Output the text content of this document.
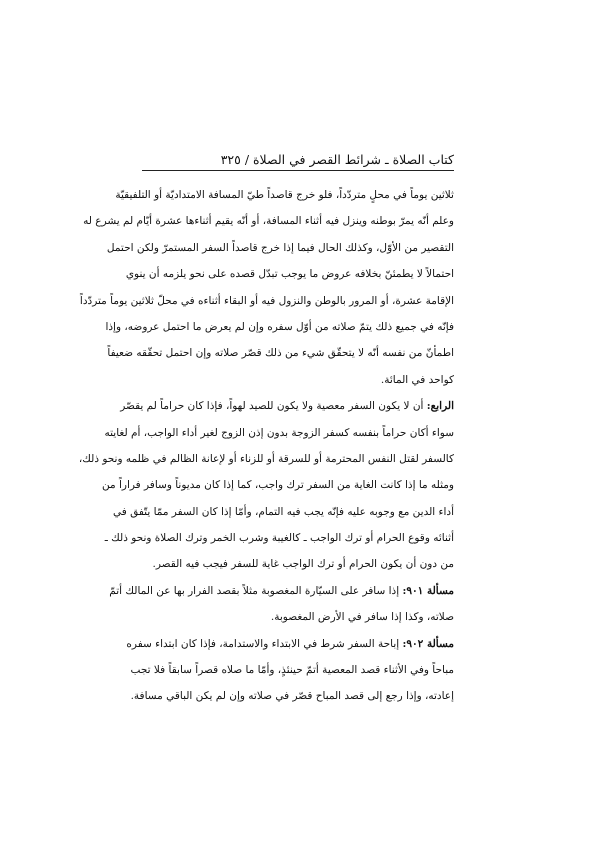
كتاب الصلاة ـ شرائط القصر في الصلاة / ٣٢٥
ثلاثين يوماً في محلٍ متردّداً، فلو خرج قاصداً طيّ المسافة الامتداديّة أو التلفيقيّة
وعلم أنّه يمرّ بوطنه وينزل فيه أثناء المسافة، أو أنّه يقيم أثناءها عشرة أيّام لم يشرع له
التقصير من الأوّل، وكذلك الحال فيما إذا خرج قاصداً السفر المستمرّ ولكن احتمل
احتمالاً لا يطمئنّ بخلافه عروض ما يوجب تبدّل قصده على نحو يلزمه أن ينوي
الإقامة عشرة، أو المرور بالوطن والنزول فيه أو البقاء أثناءه في محلّ ثلاثين يوماً متردّداً
فإنّه في جميع ذلك يتمّ صلاته من أوّل سفره وإن لم يعرض ما احتمل عروضه، وإذا
اطمأنّ من نفسه أنّه لا يتحقّق شيء من ذلك قصّر صلاته وإن احتمل تحقّقه ضعيفاً
كواحد في المائة.
الرابع: أن لا يكون السفر معصية ولا يكون للصيد لهواً، فإذا كان حراماً لم يقصّر
سواء أكان حراماً بنفسه كسفر الزوجة بدون إذن الزوج لغير أداء الواجب، أم لغايته
كالسفر لقتل النفس المحترمة أو للسرقة أو للزناء أو لإعانة الظالم في ظلمه ونحو ذلك،
ومثله ما إذا كانت الغاية من السفر ترك واجب، كما إذا كان مديوناً وسافر فراراً من
أداء الدين مع وجوبه عليه فإنّه يجب فيه التمام، وأمّا إذا كان السفر ممّا يتّفق في
أثنائه وقوع الحرام أو ترك الواجب ـ كالغيبة وشرب الخمر وترك الصلاة ونحو ذلك ـ
من دون أن يكون الحرام أو ترك الواجب غاية للسفر فيجب فيه القصر.
مسألة ٩٠١: إذا سافر على السيّارة المغصوبة مثلاً بقصد الفرار بها عن المالك أتمّ
صلاته، وكذا إذا سافر في الأرض المغصوبة.
مسألة ٩٠٢: إباحة السفر شرط في الابتداء والاستدامة، فإذا كان ابتداء سفره
مباحاً وفي الأثناء قصد المعصية أتمّ حينئذٍ، وأمّا ما صلاه قصراً سابقاً فلا تجب
إعادته، وإذا رجع إلى قصد المباح قصّر في صلاته وإن لم يكن الباقي مسافة.
